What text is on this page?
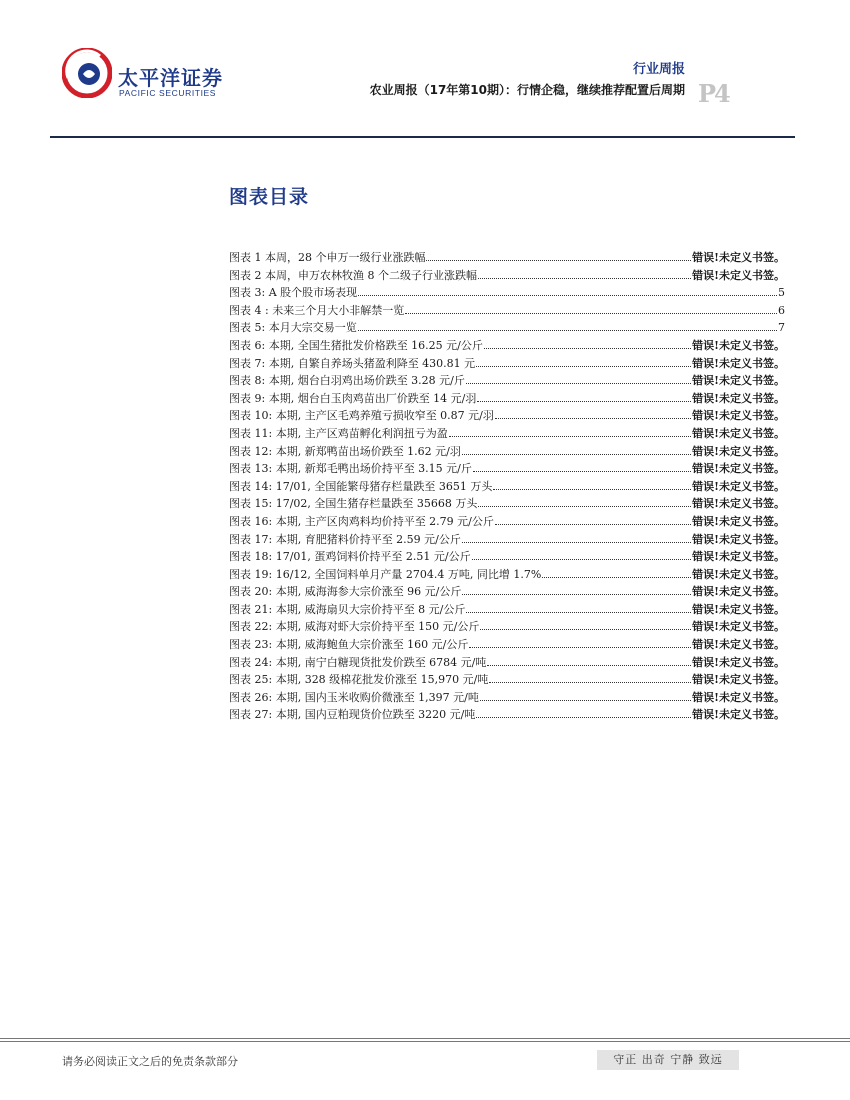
太平洋证券
PACIFIC SECURITIES
行业周报
农业周报（17年第10期）：行情企稳，继续推荐配置后周期 P4
图表目录
图表 1 本周，28 个申万一级行业涨跌幅	错误!未定义书签。
图表 2 本周，申万农林牧渔 8 个二级子行业涨跌幅	错误!未定义书签。
图表 3: A 股个股市场表现	5
图表 4 : 未来三个月大小非解禁一览	6
图表 5: 本月大宗交易一览	7
图表 6: 本期, 全国生猪批发价格跌至 16.25 元/公斤	错误!未定义书签。
图表 7: 本期, 自繁自养场头猪盈利降至 430.81 元	错误!未定义书签。
图表 8: 本期, 烟台白羽鸡出场价跌至 3.28 元/斤	错误!未定义书签。
图表 9: 本期, 烟台白玉肉鸡苗出厂价跌至 14 元/羽	错误!未定义书签。
图表 10: 本期, 主产区毛鸡养殖亏损收窄至 0.87 元/羽	错误!未定义书签。
图表 11: 本期, 主产区鸡苗孵化利润扭亏为盈	错误!未定义书签。
图表 12: 本期, 新郑鸭苗出场价跌至 1.62 元/羽	错误!未定义书签。
图表 13: 本期, 新郑毛鸭出场价持平至 3.15 元/斤	错误!未定义书签。
图表 14: 17/01, 全国能繁母猪存栏量跌至 3651 万头	错误!未定义书签。
图表 15: 17/02, 全国生猪存栏量跌至 35668 万头	错误!未定义书签。
图表 16: 本期, 主产区肉鸡料均价持平至 2.79 元/公斤	错误!未定义书签。
图表 17: 本期, 育肥猪料价持平至 2.59 元/公斤	错误!未定义书签。
图表 18: 17/01, 蛋鸡饲料价持平至 2.51 元/公斤	错误!未定义书签。
图表 19: 16/12, 全国饲料单月产量 2704.4 万吨, 同比增 1.7%	错误!未定义书签。
图表 20: 本期, 威海海参大宗价涨至 96 元/公斤	错误!未定义书签。
图表 21: 本期, 威海扇贝大宗价持平至 8 元/公斤	错误!未定义书签。
图表 22: 本期, 威海对虾大宗价持平至 150 元/公斤	错误!未定义书签。
图表 23: 本期, 威海鲍鱼大宗价涨至 160 元/公斤	错误!未定义书签。
图表 24: 本期, 南宁白糖现货批发价跌至 6784 元/吨	错误!未定义书签。
图表 25: 本期, 328 级棉花批发价涨至 15,970 元/吨	错误!未定义书签。
图表 26: 本期, 国内玉米收购价微涨至 1,397 元/吨	错误!未定义书签。
图表 27: 本期, 国内豆粕现货价位跌至 3220 元/吨	错误!未定义书签。
请务必阅读正文之后的免责条款部分	守正 出奇 宁静 致远
